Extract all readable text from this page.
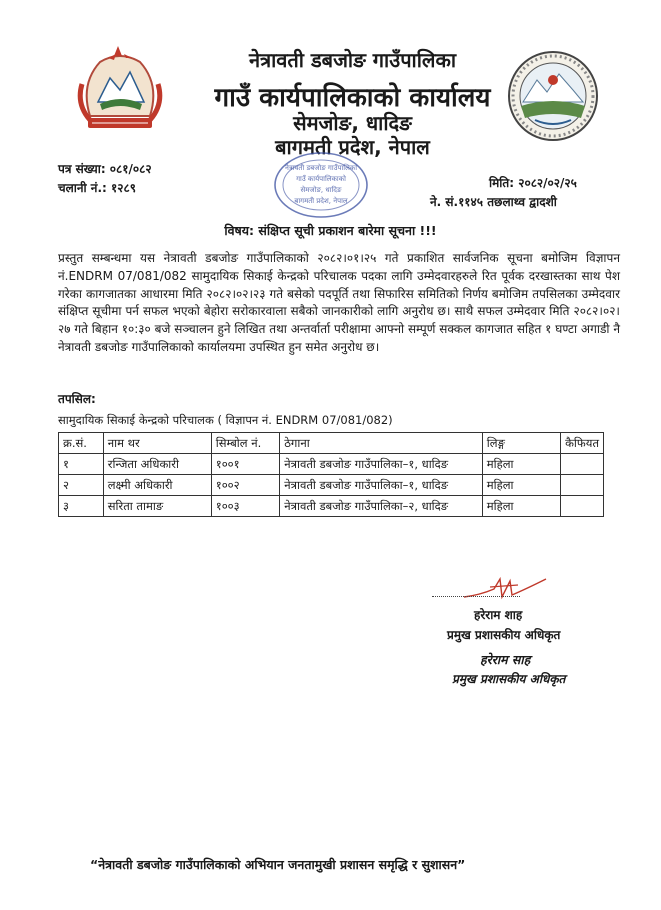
नेत्रावती डबजोङ गाउँपालिका
गाउँ कार्यपालिकाको कार्यालय
सेमजोङ, धादिङ
बागमती प्रदेश, नेपाल
पत्र संख्या: ०८१/०८२
चलानी नं.: १२८९	मिति: २०८२/०२/२५
ने. सं.११४५ तछलाथ्व द्वादशी
नेत्रावती डबजोङ गाउँपालिका
गाउँ कार्यपालिकाको
सेमजोङ, धादिङ
बागमती प्रदेश, नेपाल
विषय: संक्षिप्त सूची प्रकाशन बारेमा सूचना !!!
प्रस्तुत सम्बन्धमा यस नेत्रावती डबजोङ गाउँपालिकाको २०८२।०१।२५ गते प्रकाशित सार्वजनिक सूचना बमोजिम विज्ञापन नं.ENDRM 07/081/082 सामुदायिक सिकाई केन्द्रको परिचालक पदका लागि उम्मेदवारहरुले रित पूर्वक दरखास्तका साथ पेश गरेका कागजातका आधारमा मिति २०८२।०२।२३ गते बसेको पदपूर्ति तथा सिफारिस समितिको निर्णय बमोजिम तपसिलका उम्मेदवार संक्षिप्त सूचीमा पर्न सफल भएको बेहोरा सरोकारवाला सबैको जानकारीको लागि अनुरोध छ। साथै सफल उम्मेदवार मिति २०८२।०२।२७ गते बिहान १०:३० बजे सञ्चालन हुने लिखित तथा अन्तर्वार्ता परीक्षामा आफ्नो सम्पूर्ण सक्कल कागजात सहित १ घण्टा अगाडी नै नेत्रावती डबजोङ गाउँपालिकाको कार्यालयमा उपस्थित हुन समेत अनुरोध छ।
तपसिल:
सामुदायिक सिकाई केन्द्रको परिचालक ( विज्ञापन नं. ENDRM 07/081/082)
क्र.सं.	नाम थर	सिम्बोल नं.	ठेगाना	लिङ्ग	कैफियत
१	रन्जिता अधिकारी	१००१	नेत्रावती डबजोङ गाउँपालिका–१, धादिङ	महिला	
२	लक्ष्मी अधिकारी	१००२	नेत्रावती डबजोङ गाउँपालिका–१, धादिङ	महिला	
३	सरिता तामाङ	१००३	नेत्रावती डबजोङ गाउँपालिका–२, धादिङ	महिला	
हरेराम शाह
प्रमुख प्रशासकीय अधिकृत
हरेराम साह
प्रमुख प्रशासकीय अधिकृत
“नेत्रावती डबजोङ गाउँपालिकाको अभियान जनतामुखी प्रशासन समृद्धि र सुशासन”
